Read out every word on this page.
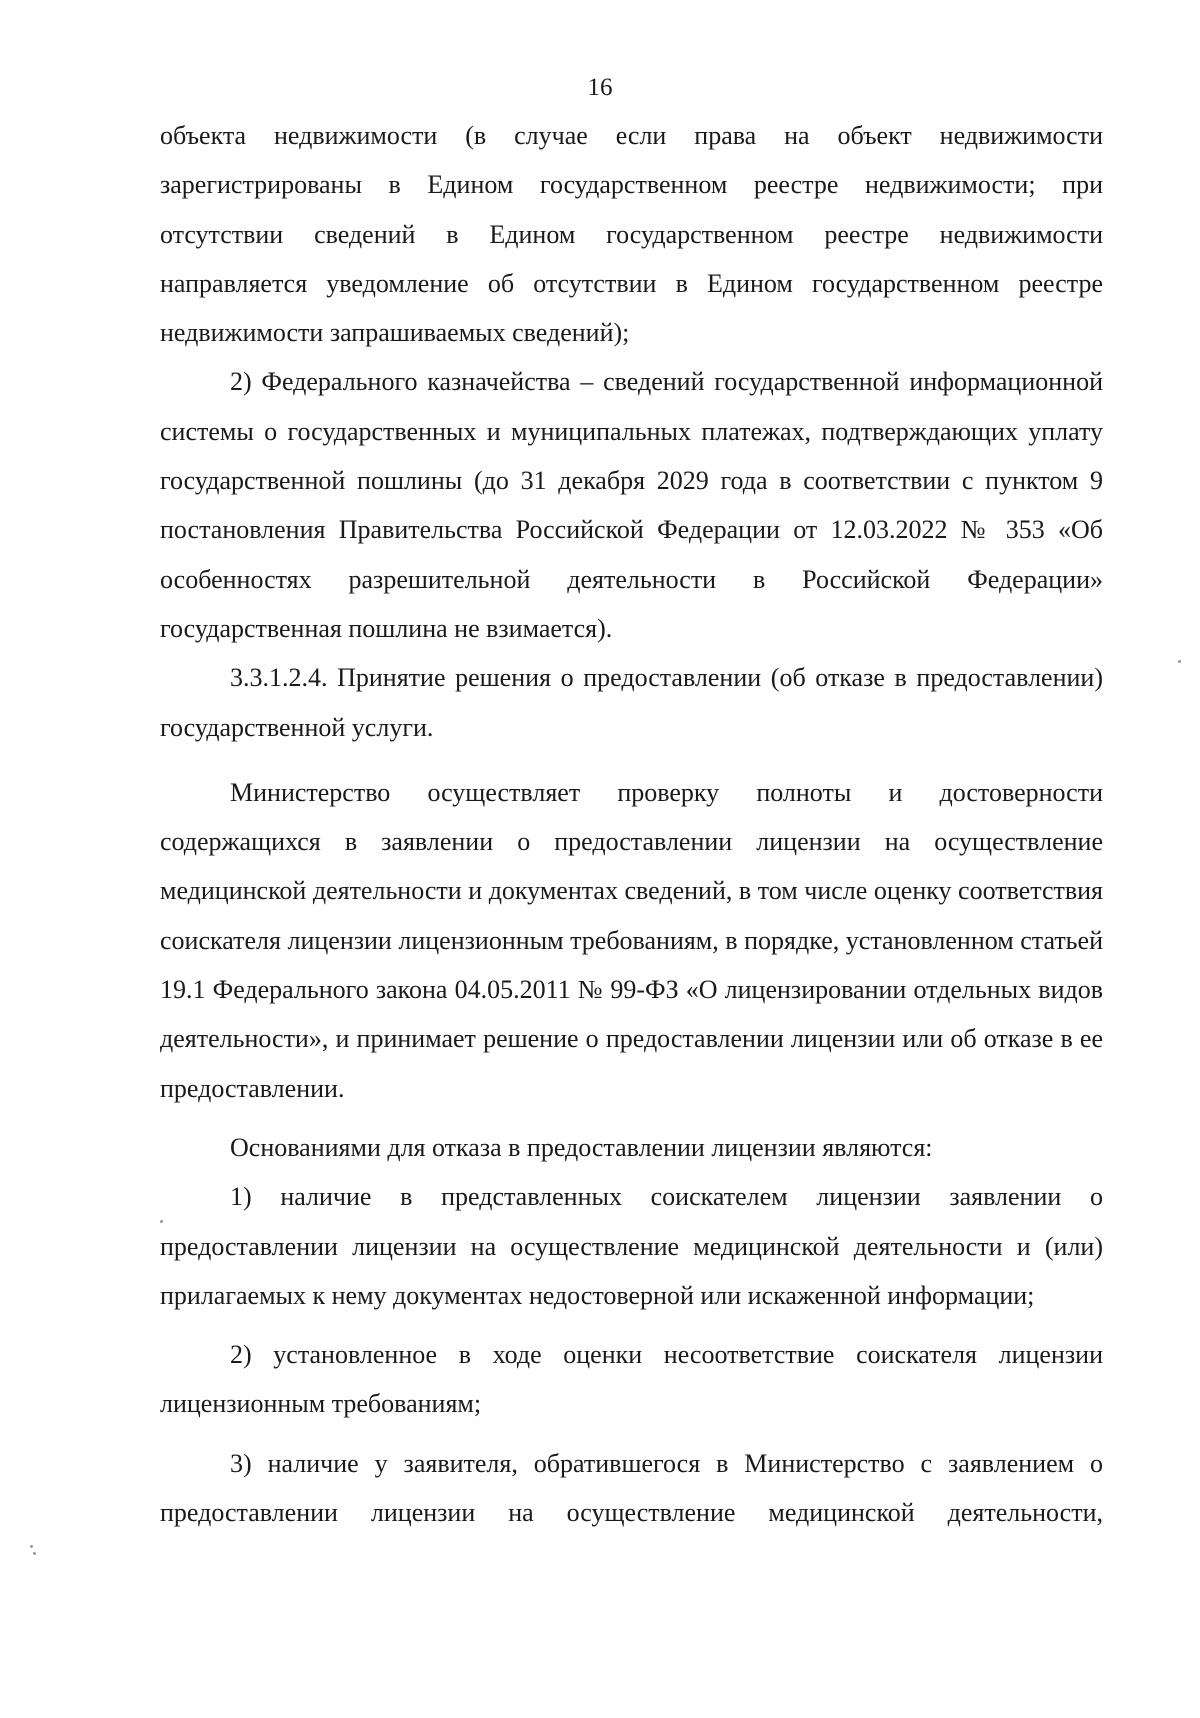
16

объекта недвижимости (в случае если права на объект недвижимости зарегистрированы в Едином государственном реестре недвижимости; при отсутствии сведений в Едином государственном реестре недвижимости направляется уведомление об отсутствии в Едином государственном реестре недвижимости запрашиваемых сведений);

2) Федерального казначейства – сведений государственной информационной системы о государственных и муниципальных платежах, подтверждающих уплату государственной пошлины (до 31 декабря 2029 года в соответствии с пунктом 9 постановления Правительства Российской Федерации от 12.03.2022 № 353 «Об особенностях разрешительной деятельности в Российской Федерации» государственная пошлина не взимается).

3.3.1.2.4. Принятие решения о предоставлении (об отказе в предоставлении) государственной услуги.

Министерство осуществляет проверку полноты и достоверности содержащихся в заявлении о предоставлении лицензии на осуществление медицинской деятельности и документах сведений, в том числе оценку соответствия соискателя лицензии лицензионным требованиям, в порядке, установленном статьей 19.1 Федерального закона 04.05.2011 № 99-ФЗ «О лицензировании отдельных видов деятельности», и принимает решение о предоставлении лицензии или об отказе в ее предоставлении.

Основаниями для отказа в предоставлении лицензии являются:

1) наличие в представленных соискателем лицензии заявлении о предоставлении лицензии на осуществление медицинской деятельности и (или) прилагаемых к нему документах недостоверной или искаженной информации;

2) установленное в ходе оценки несоответствие соискателя лицензии лицензионным требованиям;

3) наличие у заявителя, обратившегося в Министерство с заявлением о предоставлении лицензии на осуществление медицинской деятельности,
